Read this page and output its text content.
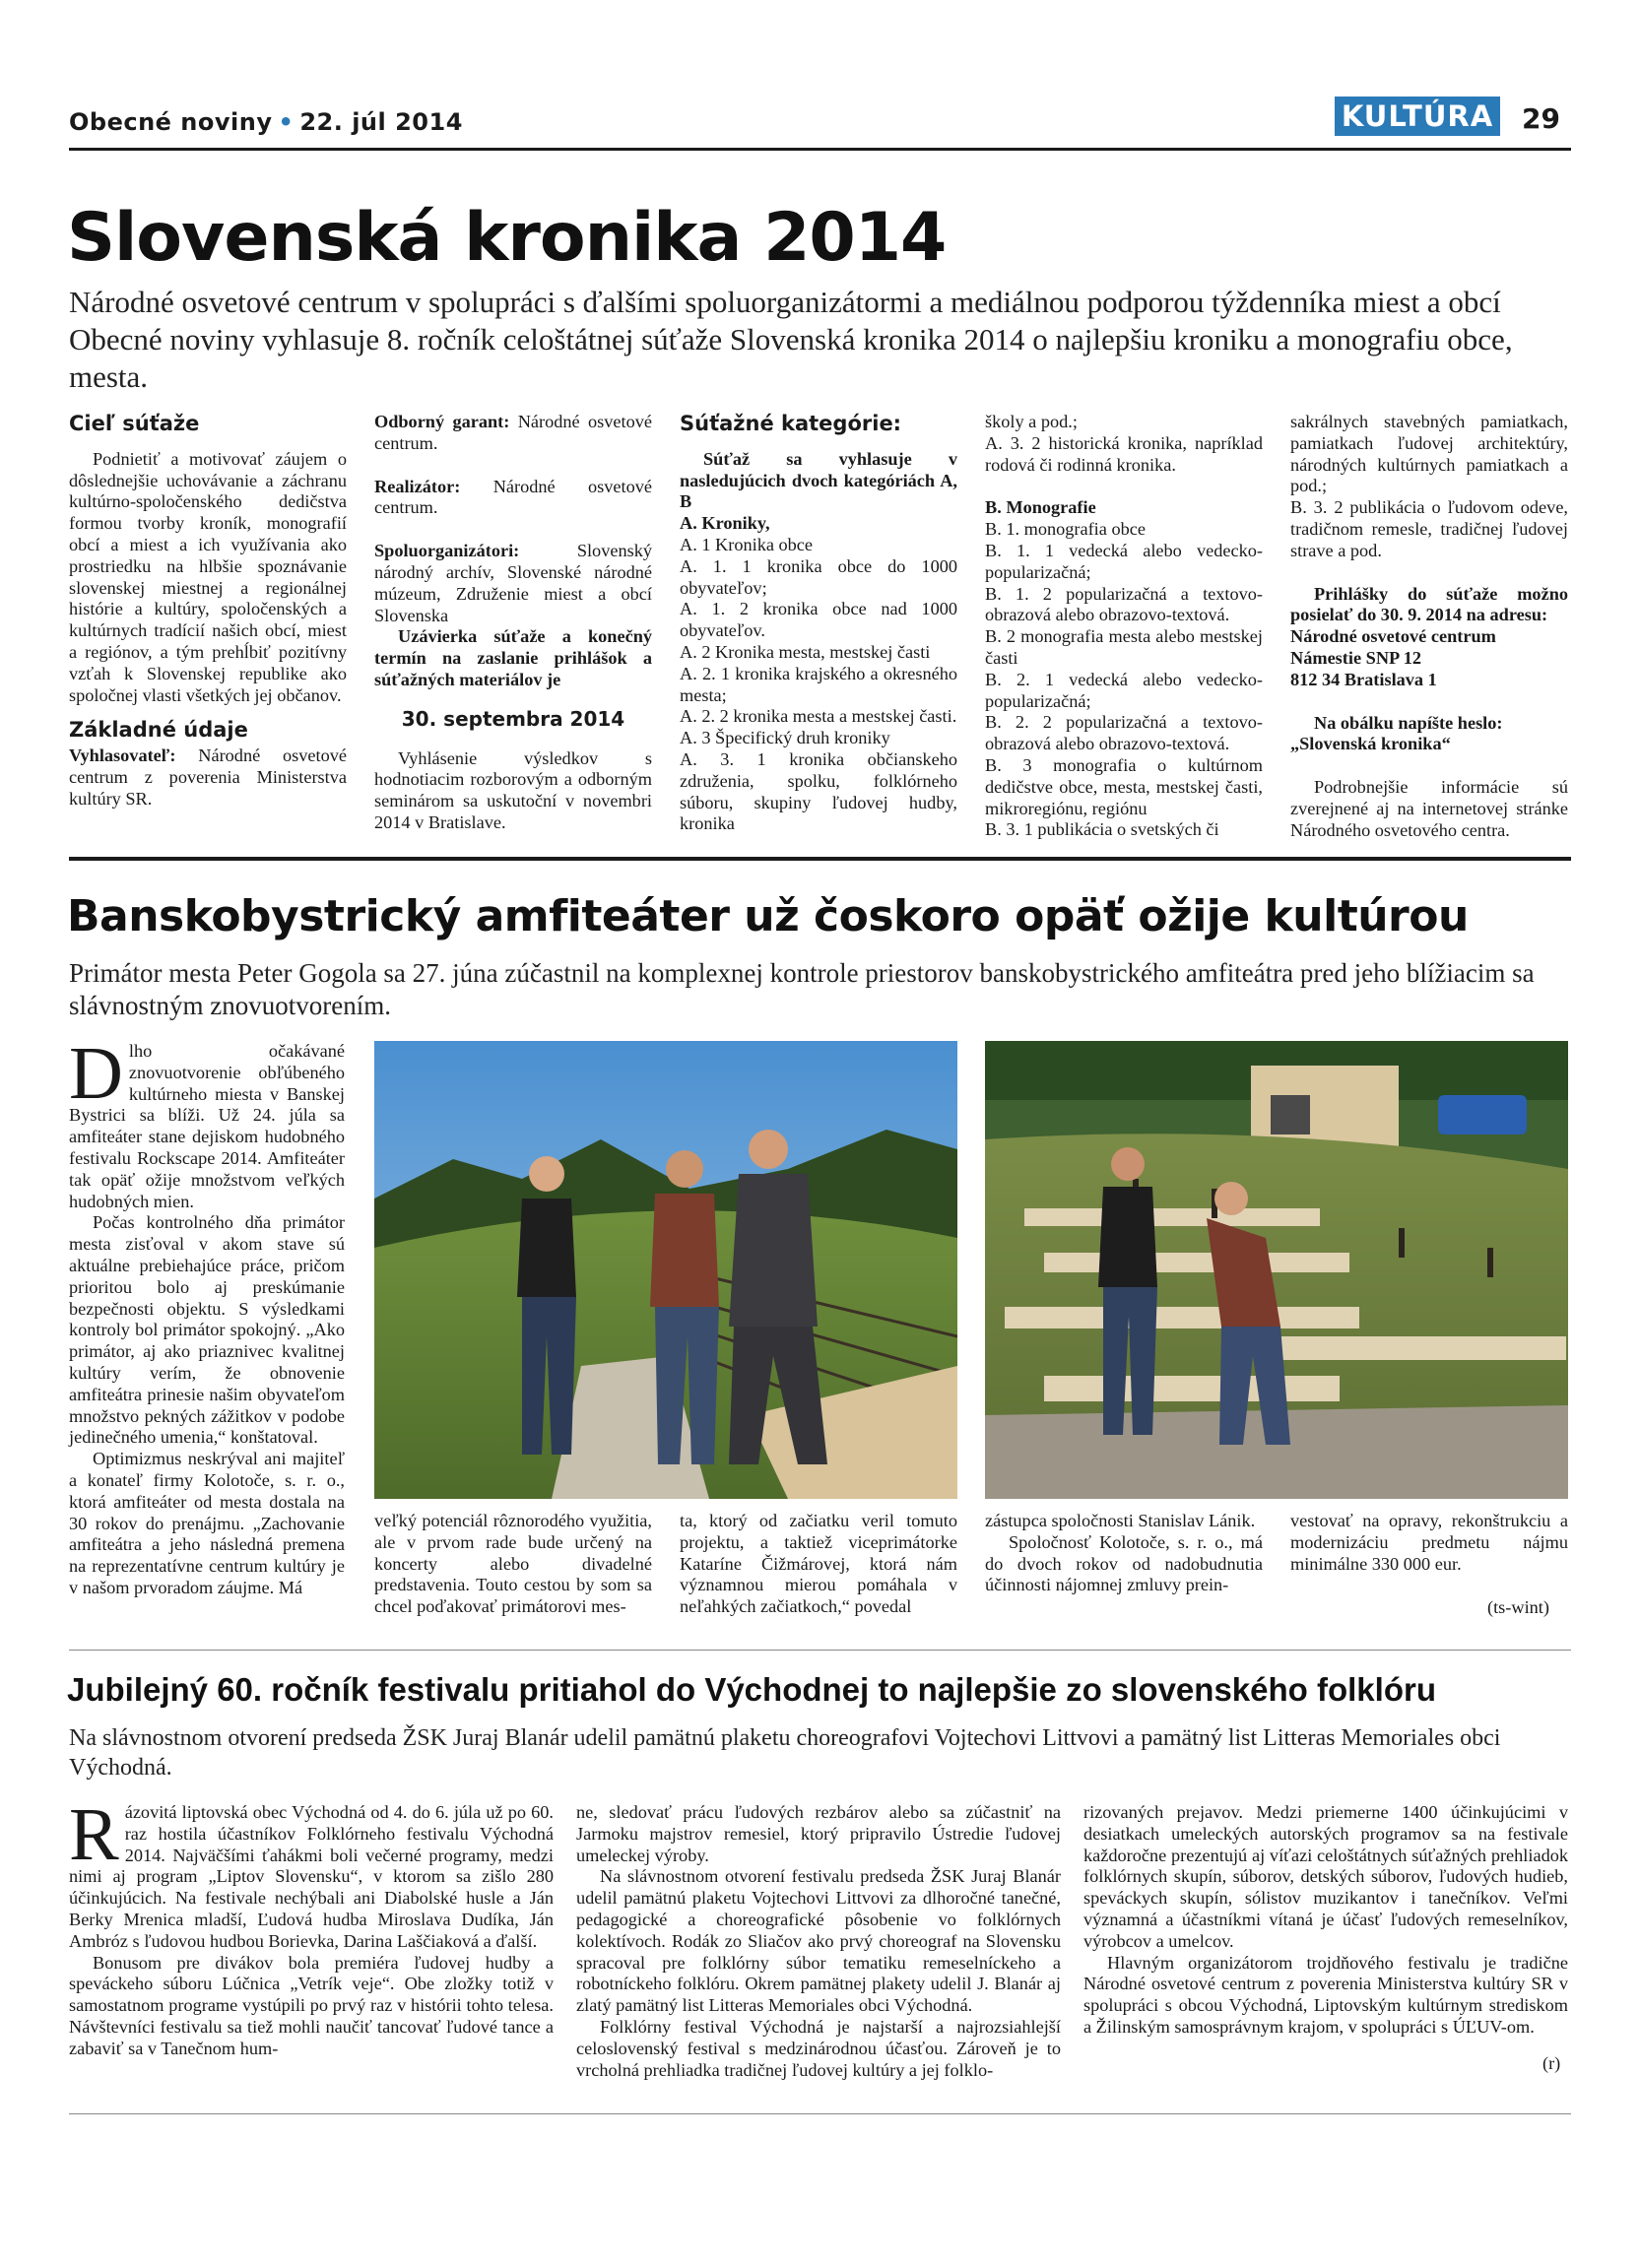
Obecné noviny • 22. júl 2014	KULTÚRA 29
Slovenská kronika 2014
Národné osvetové centrum v spolupráci s ďalšími spoluorganizátormi a mediálnou podporou týždenníka miest a obcí Obecné noviny vyhlasuje 8. ročník celoštátnej súťaže Slovenská kronika 2014 o najlepšiu kroniku a monografiu obce, mesta.
Cieľ súťaže

Podnietiť a motivovať záujem o dôslednejšie uchovávanie a záchranu kultúrno-spoločenského dedičstva formou tvorby kroník, monografií obcí a miest a ich využívania ako prostriedku na hlbšie spoznávanie slovenskej miestnej a regionálnej histórie a kultúry, spoločenských a kultúrnych tradícií našich obcí, miest a regiónov, a tým prehĺbiť pozitívny vzťah k Slovenskej republike ako spoločnej vlasti všetkých jej občanov.

Základné údaje

Vyhlasovateľ: Národné osvetové centrum z poverenia Ministerstva kultúry SR.

Odborný garant: Národné osvetové centrum.

Realizátor: Národné osvetové centrum.

Spoluorganizátori:	Slovenský národný archív, Slovenské národné múzeum, Združenie miest a obcí Slovenska

Uzávierka súťaže a konečný termín na zaslanie prihlášok a súťažných materiálov je

30. septembra 2014

Vyhlásenie výsledkov s hodnotiacim rozborovým a odborným seminárom sa uskutoční v novembri 2014 v Bratislave.

Súťažné kategórie:

Súťaž sa vyhlasuje v nasledujúcich dvoch kategóriách A, B

A. Kroniky,

A. 1 Kronika obce

A. 1. 1 kronika obce do 1000 obyvateľov;

A. 1. 2 kronika obce nad 1000 obyvateľov.

A. 2 Kronika mesta, mestskej časti

A. 2. 1 kronika krajského a okresného mesta;

A. 2. 2 kronika mesta a mestskej časti.

A. 3 Špecifický druh kroniky

A. 3. 1 kronika občianskeho združenia, spolku, folklórneho súboru, skupiny ľudovej hudby, kronika

školy a pod.;

A. 3. 2 historická kronika, napríklad rodová či rodinná kronika.

B. Monografie

B. 1. monografia obce

B. 1. 1 vedecká alebo vedecko-popularizačná;

B. 1. 2 popularizačná a textovo-obrazová alebo obrazovo-textová.

B. 2 monografia mesta alebo mestskej časti

B. 2. 1 vedecká alebo vedecko-popularizačná;

B. 2. 2 popularizačná a textovo-obrazová alebo obrazovo-textová.

B. 3 monografia o kultúrnom dedičstve obce, mesta, mestskej časti, mikroregiónu, regiónu

B. 3. 1 publikácia o svetských či

sakrálnych stavebných pamiatkach, pamiatkach ľudovej architektúry, národných kultúrnych pamiatkach a pod.;

B. 3. 2 publikácia o ľudovom odeve, tradičnom remesle, tradičnej ľudovej strave a pod.

Prihlášky do súťaže možno posielať do 30. 9. 2014 na adresu:

Národné osvetové centrum

Námestie SNP 12

812 34 Bratislava 1

Na obálku napíšte heslo:

„Slovenská kronika“

Podrobnejšie informácie sú zverejnené aj na internetovej stránke Národného osvetového centra.

Banskobystrický amfiteáter už čoskoro opäť ožije kultúrou
Primátor mesta Peter Gogola sa 27. júna zúčastnil na komplexnej kontrole priestorov banskobystrického amfiteátra pred jeho blížiacim sa slávnostným znovuotvorením.

Dlho očakávané znovuotvorenie obľúbeného kultúrneho miesta v Banskej Bystrici sa blíži. Už 24. júla sa amfiteáter stane dejiskom hudobného festivalu Rockscape 2014. Amfiteáter tak opäť ožije množstvom veľkých hudobných mien.

Počas kontrolného dňa primátor mesta zisťoval v akom stave sú aktuálne prebiehajúce práce, pričom prioritou bolo aj preskúmanie bezpečnosti objektu. S výsledkami kontroly bol primátor spokojný. „Ako primátor, aj ako priaznivec kvalitnej kultúry verím, že obnovenie amfiteátra prinesie našim obyvateľom množstvo pekných zážitkov v podobe jedinečného umenia,“ konštatoval.

Optimizmus neskrýval ani majiteľ a konateľ firmy Kolotoče, s. r. o., ktorá amfiteáter od mesta dostala na 30 rokov do prenájmu. „Zachovanie amfiteátra a jeho následná premena na reprezentatívne centrum kultúry je v našom prvoradom záujme. Má

veľký potenciál rôznorodého využitia, ale v prvom rade bude určený na koncerty alebo divadelné predstavenia. Touto cestou by som sa chcel poďakovať primátorovi mes-

ta, ktorý od začiatku veril tomuto projektu, a taktiež viceprimátorke Kataríne Čižmárovej, ktorá nám významnou mierou pomáhala v neľahkých začiatkoch,“ povedal

zástupca spoločnosti Stanislav Lánik.

Spoločnosť Kolotoče, s. r. o., má do dvoch rokov od nadobudnutia účinnosti nájomnej zmluvy prein-

vestovať na opravy, rekonštrukciu a modernizáciu predmetu nájmu minimálne 330 000 eur.

(ts-wint)
Jubilejný 60. ročník festivalu pritiahol do Východnej to najlepšie zo slovenského folklóru
Na slávnostnom otvorení predseda ŽSK Juraj Blanár udelil pamätnú plaketu choreografovi Vojtechovi Littvovi a pamätný list Litteras Memoriales obci Východná.

Rázovitá liptovská obec Východná od 4. do 6. júla už po 60. raz hostila účastníkov Folklórneho festivalu Východná 2014. Najväčšími ťahákmi boli večerné programy, medzi nimi aj program „Liptov Slovensku“, v ktorom sa zišlo 280 účinkujúcich. Na festivale nechýbali ani Diabolské husle a Ján Berky Mrenica mladší, Ľudová hudba Miroslava Dudíka, Ján Ambróz s ľudovou hudbou Borievka, Darina Laščiaková a ďalší.

Bonusom pre divákov bola premiéra ľudovej hudby a speváckeho súboru Lúčnica „Vetrík veje“. Obe zložky totiž v samostatnom programe vystúpili po prvý raz v histórii tohto telesa. Návštevníci festivalu sa tiež mohli naučiť tancovať ľudové tance a zabaviť sa v Tanečnom hum-

ne, sledovať prácu ľudových rezbárov alebo sa zúčastniť na Jarmoku majstrov remesiel, ktorý pripravilo Ústredie ľudovej umeleckej výroby.

Na slávnostnom otvorení festivalu predseda ŽSK Juraj Blanár udelil pamätnú plaketu Vojtechovi Littvovi za dlhoročné tanečné, pedagogické a choreografické pôsobenie vo folklórnych kolektívoch. Rodák zo Sliačov ako prvý choreograf na Slovensku spracoval pre folklórny súbor tematiku remeselníckeho a robotníckeho folklóru. Okrem pamätnej plakety udelil J. Blanár aj zlatý pamätný list Litteras Memoriales obci Východná.

Folklórny festival Východná je najstarší a najrozsiahlejší celoslovenský festival s medzinárodnou účasťou. Zároveň je to vrcholná prehliadka tradičnej ľudovej kultúry a jej folklo-

rizovaných prejavov. Medzi priemerne 1400 účinkujúcimi v desiatkach umeleckých autorských programov sa na festivale každoročne prezentujú aj víťazi celoštátnych súťažných prehliadok folklórnych skupín, súborov, detských súborov, ľudových hudieb, speváckych skupín, sólistov muzikantov i tanečníkov. Veľmi významná a účastníkmi vítaná je účasť ľudových remeselníkov, výrobcov a umelcov.

Hlavným organizátorom trojdňového festivalu je tradične Národné osvetové centrum z poverenia Ministerstva kultúry SR v spolupráci s obcou Východná, Liptovským kultúrnym strediskom a Žilinským samosprávnym krajom, v spolupráci s ÚĽUV-om.

(r)
